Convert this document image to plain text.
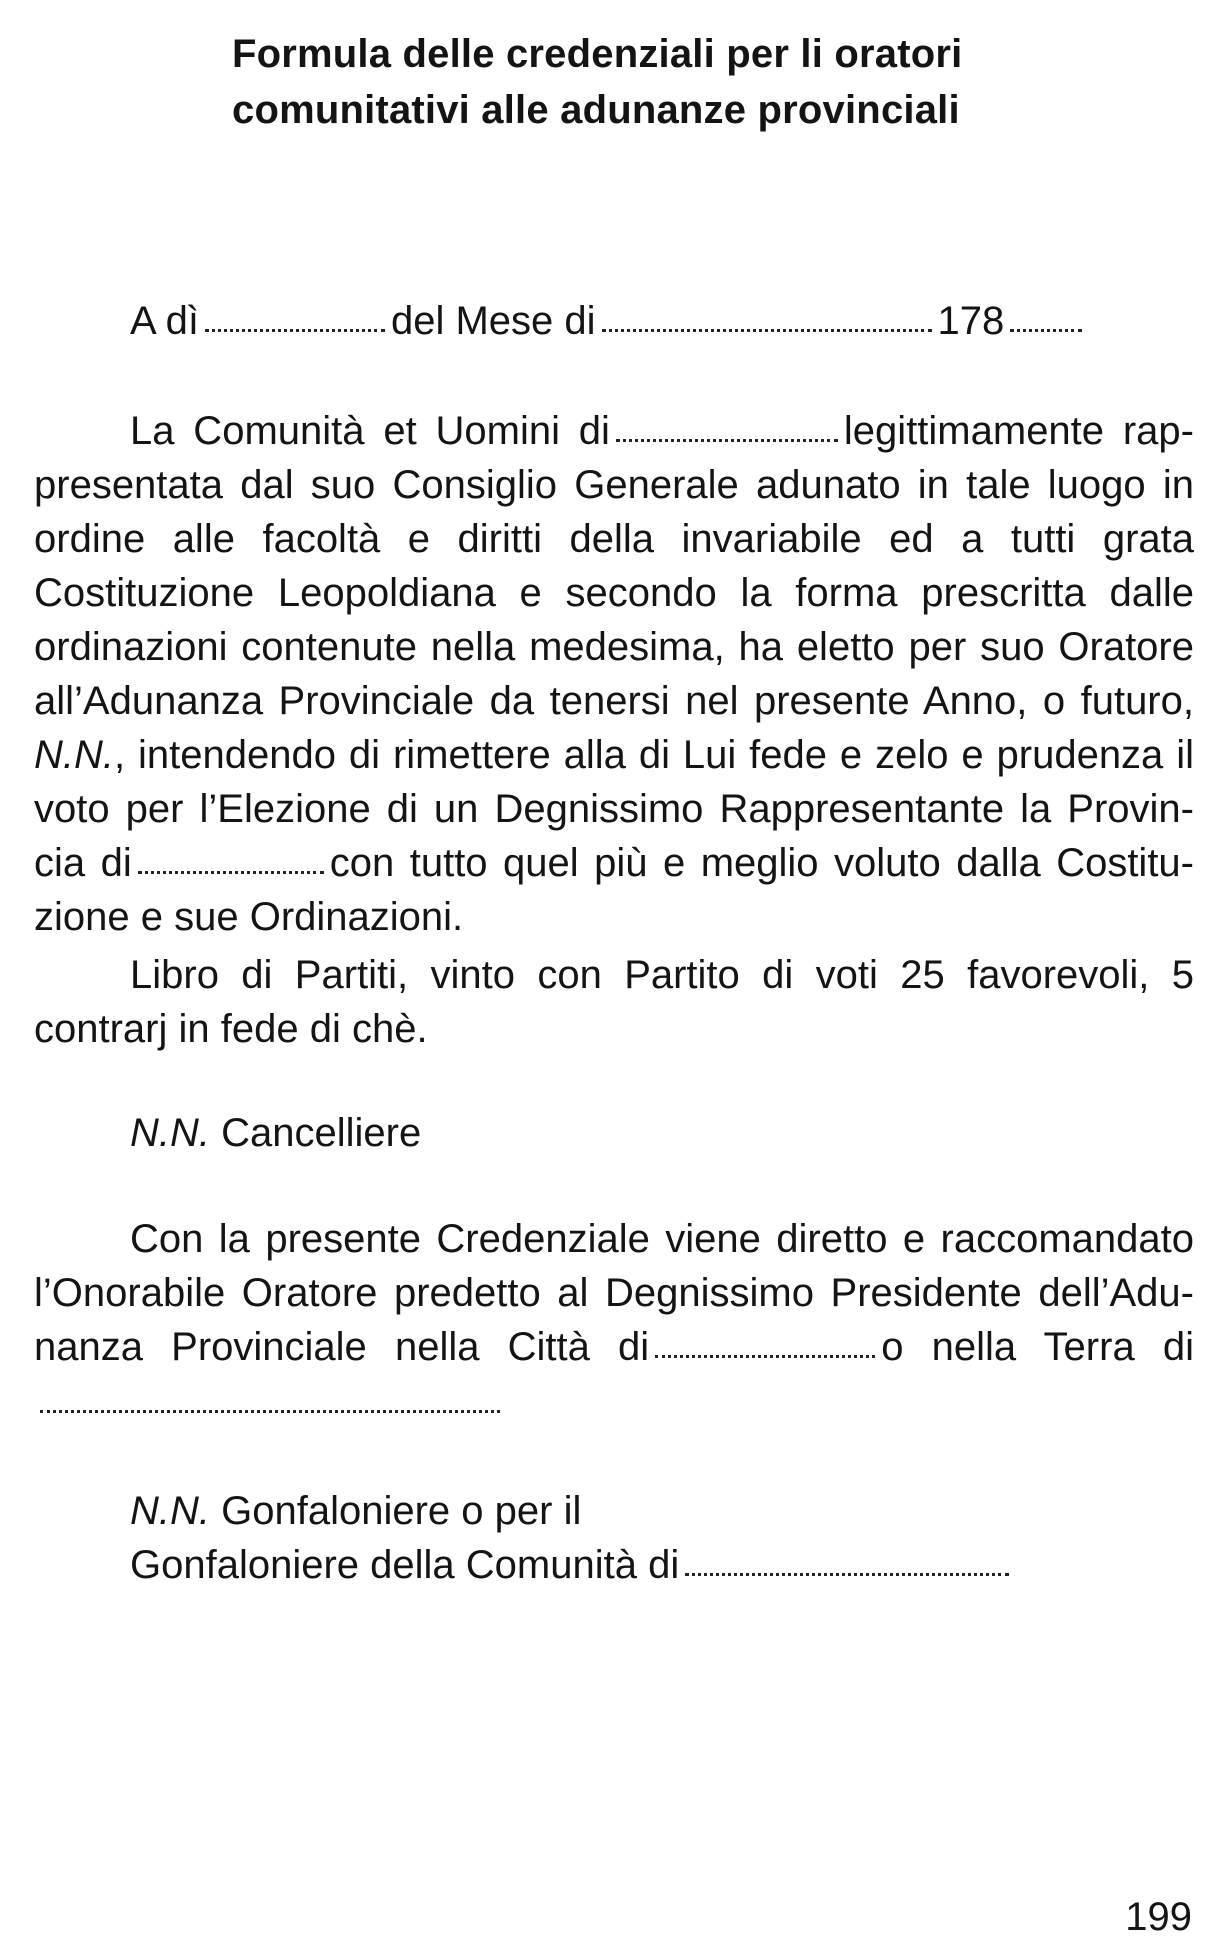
Formula delle credenziali per li oratori
comunitativi alle adunanze provinciali
A dì	del Mese di	178
La Comunità et Uomini di	legittimamente rap-
presentata dal suo Consiglio Generale adunato in tale luogo in
ordine alle facoltà e diritti della invariabile ed a tutti grata
Costituzione Leopoldiana e secondo la forma prescritta dalle
ordinazioni contenute nella medesima, ha eletto per suo Oratore
all’Adunanza Provinciale da tenersi nel presente Anno, o futuro,
N.N., intendendo di rimettere alla di Lui fede e zelo e prudenza il
voto per l’Elezione di un Degnissimo Rappresentante la Provin-
cia di	con tutto quel più e meglio voluto dalla Costitu-
zione e sue Ordinazioni.
Libro di Partiti, vinto con Partito di voti 25 favorevoli, 5
contrarj in fede di chè.
N.N. Cancelliere
Con la presente Credenziale viene diretto e raccomandato
l’Onorabile Oratore predetto al Degnissimo Presidente dell’Adu-
nanza Provinciale nella Città di	o nella Terra di
N.N. Gonfaloniere o per il
Gonfaloniere della Comunità di
199
